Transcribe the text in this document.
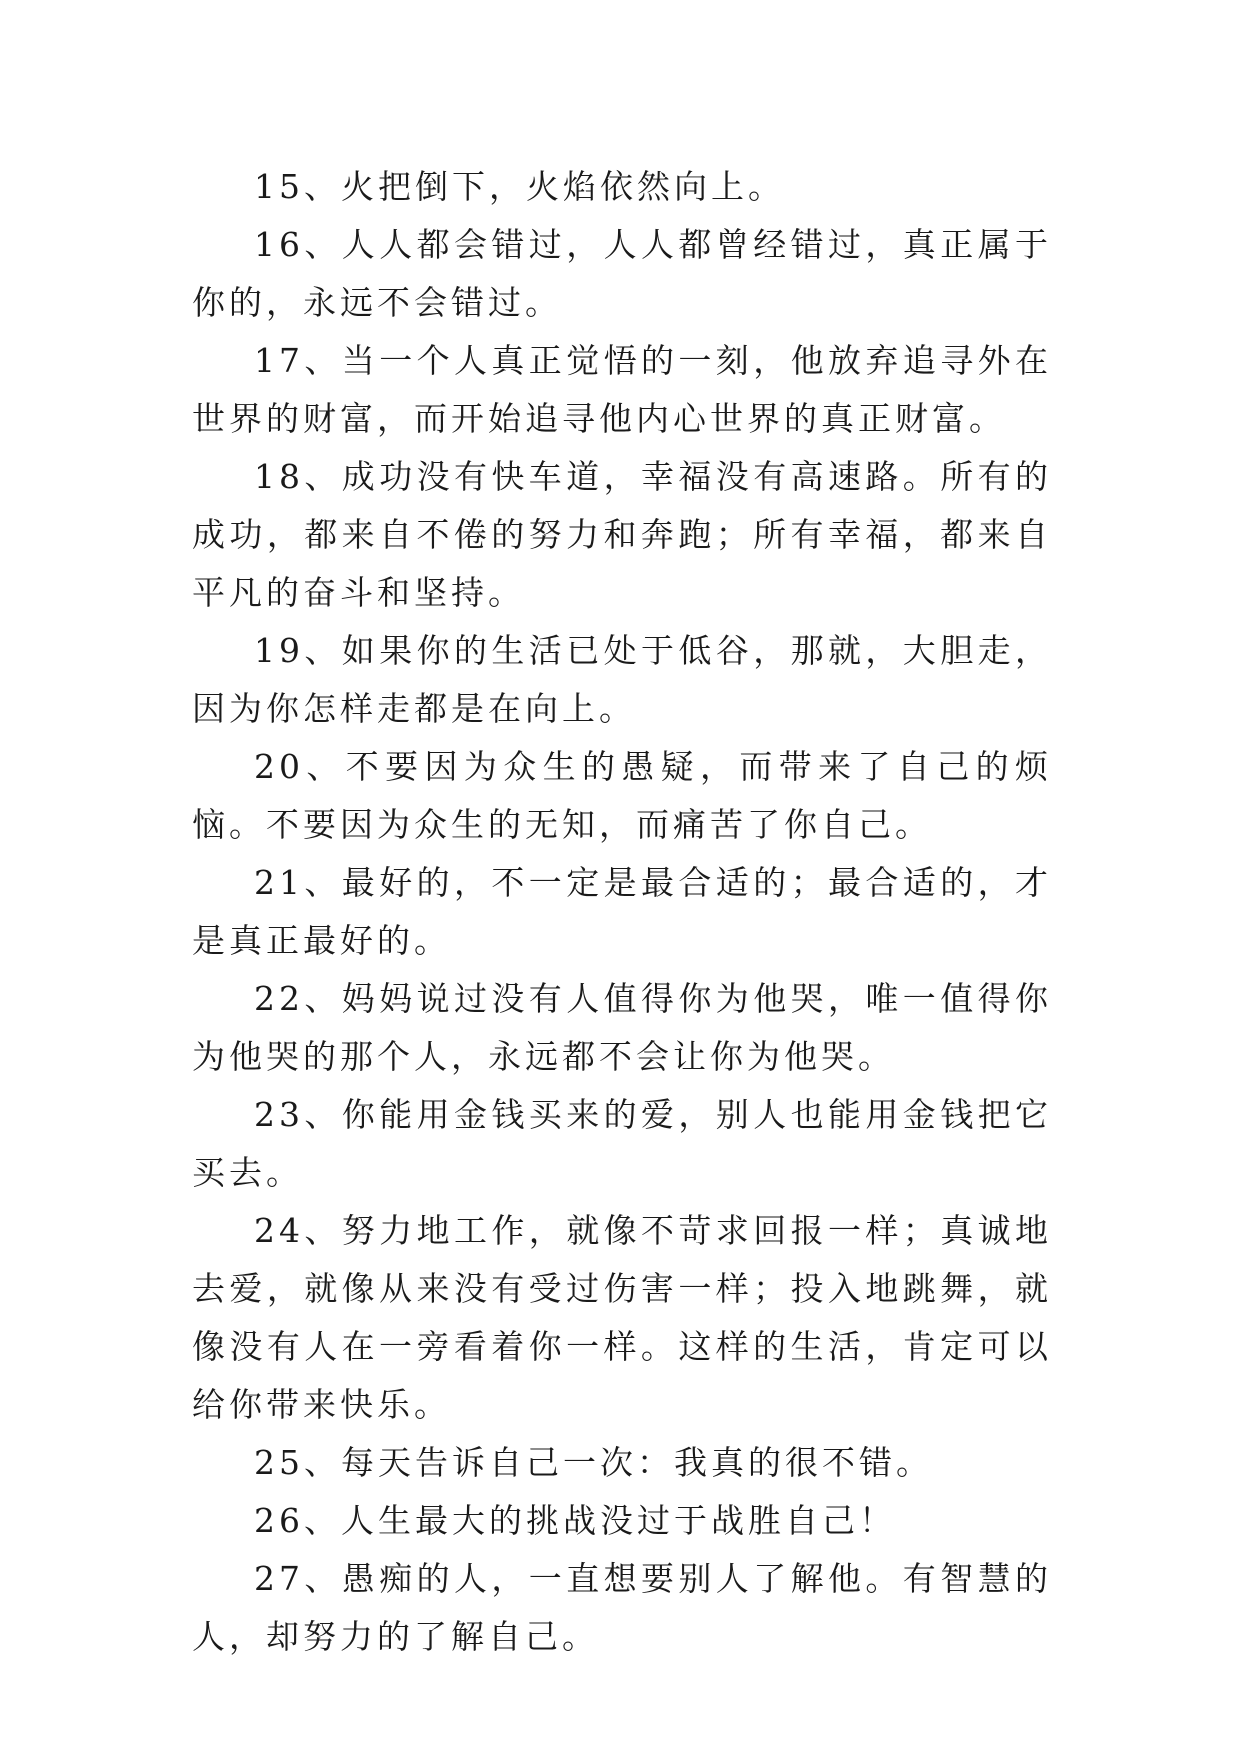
15、火把倒下，火焰依然向上。

16、人人都会错过，人人都曾经错过，真正属于你的，永远不会错过。

17、当一个人真正觉悟的一刻，他放弃追寻外在世界的财富，而开始追寻他内心世界的真正财富。

18、成功没有快车道，幸福没有高速路。所有的成功，都来自不倦的努力和奔跑；所有幸福，都来自平凡的奋斗和坚持。

19、如果你的生活已处于低谷，那就，大胆走，因为你怎样走都是在向上。

20、不要因为众生的愚疑，而带来了自己的烦恼。不要因为众生的无知，而痛苦了你自己。

21、最好的，不一定是最合适的；最合适的，才是真正最好的。

22、妈妈说过没有人值得你为他哭，唯一值得你为他哭的那个人，永远都不会让你为他哭。

23、你能用金钱买来的爱，别人也能用金钱把它买去。

24、努力地工作，就像不苛求回报一样；真诚地去爱，就像从来没有受过伤害一样；投入地跳舞，就像没有人在一旁看着你一样。这样的生活，肯定可以给你带来快乐。

25、每天告诉自己一次：我真的很不错。

26、人生最大的挑战没过于战胜自己！

27、愚痴的人，一直想要别人了解他。有智慧的人，却努力的了解自己。
